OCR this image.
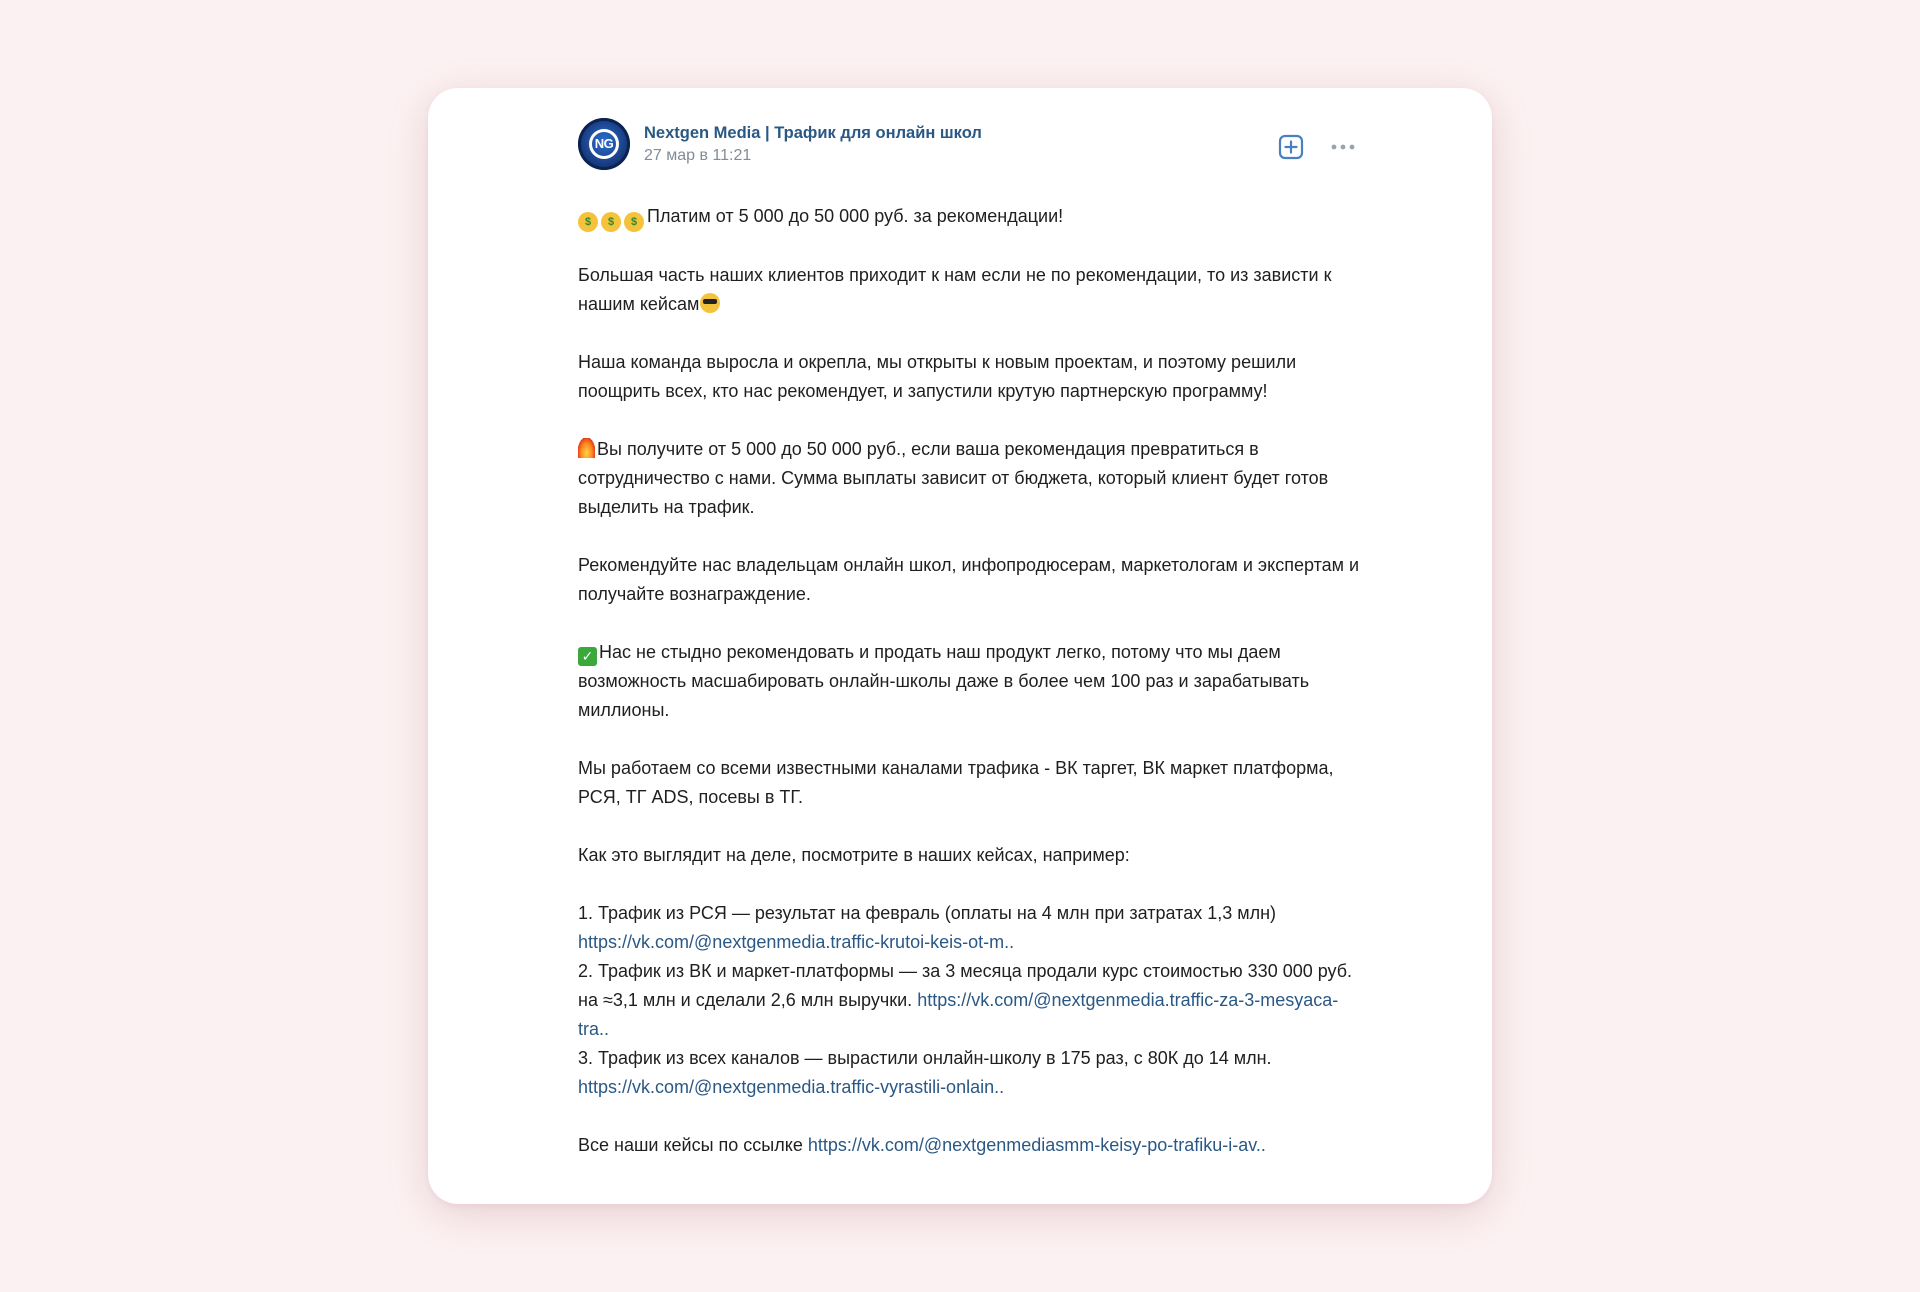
NG
Nextgen Media | Трафик для онлайн школ
27 мар в 11:21

$ $ $ Платим от 5 000 до 50 000 руб. за рекомендации!

Большая часть наших клиентов приходит к нам если не по рекомендации, то из зависти к нашим кейсам

Наша команда выросла и окрепла, мы открыты к новым проектам, и поэтому решили поощрить всех, кто нас рекомендует, и запустили крутую партнерскую программу!

Вы получите от 5 000 до 50 000 руб., если ваша рекомендация превратиться в сотрудничество с нами. Сумма выплаты зависит от бюджета, который клиент будет готов выделить на трафик.

Рекомендуйте нас владельцам онлайн школ, инфопродюсерам, маркетологам и экспертам и получайте вознаграждение.

✓ Нас не стыдно рекомендовать и продать наш продукт легко, потому что мы даем возможность масшабировать онлайн-школы даже в более чем 100 раз и зарабатывать миллионы.

Мы работаем со всеми известными каналами трафика - ВК таргет, ВК маркет платформа, РСЯ, ТГ ADS, посевы в ТГ.

Как это выглядит на деле, посмотрите в наших кейсах, например:

1. Трафик из РСЯ — результат на февраль (оплаты на 4 млн при затратах 1,3 млн)
https://vk.com/@nextgenmedia.traffic-krutoi-keis-ot-m..
2. Трафик из ВК и маркет-платформы — за 3 месяца продали курс стоимостью 330 000 руб. на ≈3,1 млн и сделали 2,6 млн выручки. https://vk.com/@nextgenmedia.traffic-za-3-mesyaca-tra..
3. Трафик из всех каналов — вырастили онлайн-школу в 175 раз, с 80К до 14 млн.
https://vk.com/@nextgenmedia.traffic-vyrastili-onlain..

Все наши кейсы по ссылке https://vk.com/@nextgenmediasmm-keisy-po-trafiku-i-av..
